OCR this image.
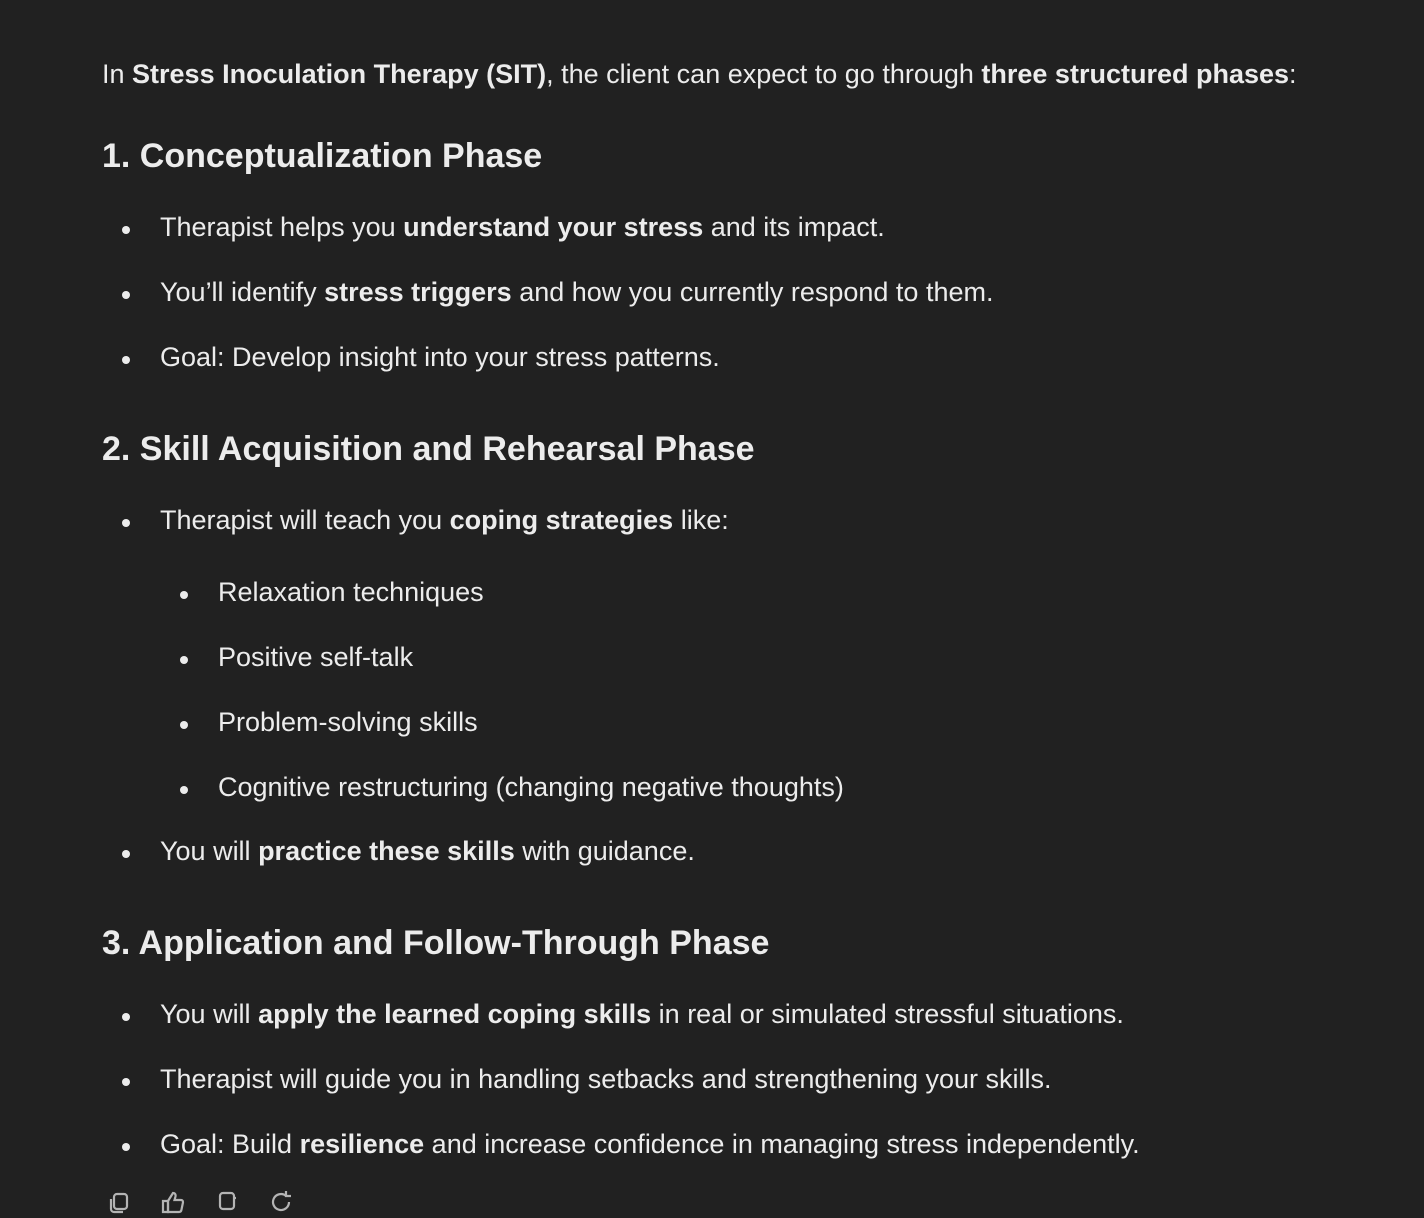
In Stress Inoculation Therapy (SIT), the client can expect to go through three structured phases:

1. Conceptualization Phase
Therapist helps you understand your stress and its impact.
You’ll identify stress triggers and how you currently respond to them.
Goal: Develop insight into your stress patterns.
2. Skill Acquisition and Rehearsal Phase
Therapist will teach you coping strategies like:
Relaxation techniques
Positive self-talk
Problem-solving skills
Cognitive restructuring (changing negative thoughts)
You will practice these skills with guidance.
3. Application and Follow-Through Phase
You will apply the learned coping skills in real or simulated stressful situations.
Therapist will guide you in handling setbacks and strengthening your skills.
Goal: Build resilience and increase confidence in managing stress independently.
